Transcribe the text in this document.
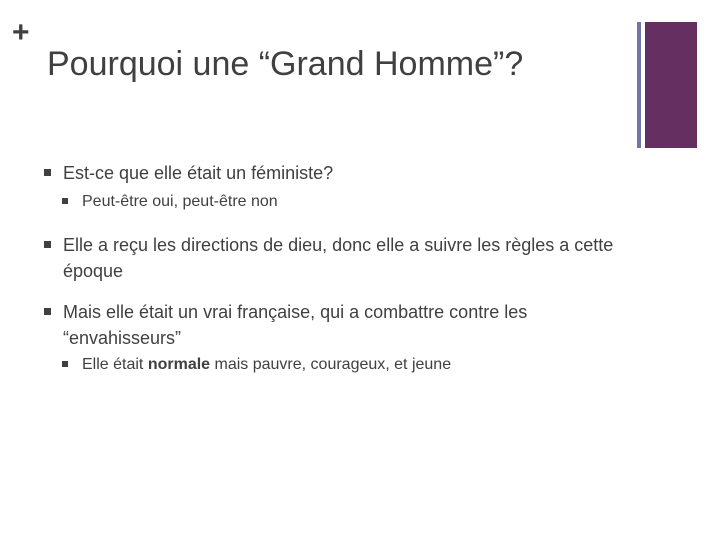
+
Pourquoi une “Grand Homme”?
Est-ce que elle était un féministe?
Peut-être oui, peut-être non
Elle a reçu les directions de dieu, donc elle a suivre les règles a cette époque
Mais elle était un vrai française, qui a combattre contre les “envahisseurs”
Elle était normale mais pauvre, courageux, et jeune
